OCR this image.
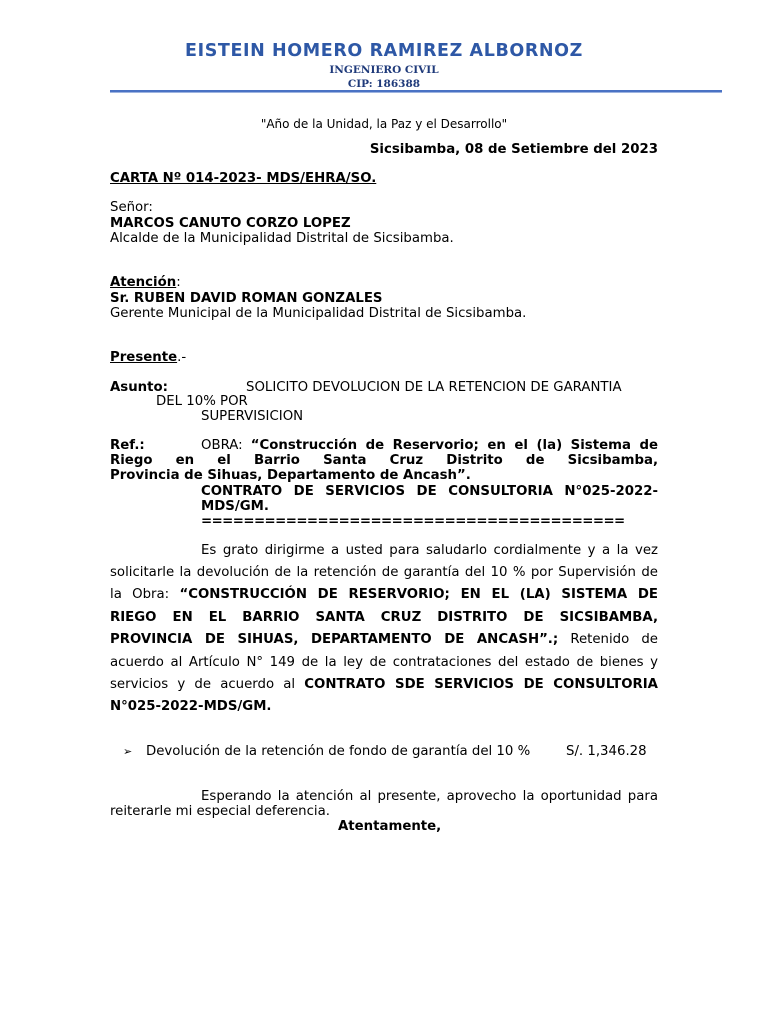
EISTEIN HOMERO RAMIREZ ALBORNOZ
INGENIERO CIVIL
CIP: 186388
"Año de la Unidad, la Paz y el Desarrollo"
Sicsibamba, 08 de Setiembre del 2023
CARTA Nº 014-2023- MDS/EHRA/SO.
Señor:
MARCOS CANUTO CORZO LOPEZ
Alcalde de la Municipalidad Distrital de Sicsibamba.
Atención:
Sr. RUBEN DAVID ROMAN GONZALES
Gerente Municipal de la Municipalidad Distrital de Sicsibamba.
Presente.-
Asunto:	SOLICITO DEVOLUCION DE LA RETENCION DE GARANTIA
DEL 10% POR
SUPERVISICION
Ref.:	OBRA: “Construcción de Reservorio; en el (la) Sistema de
Riego en el Barrio Santa Cruz Distrito de Sicsibamba,
Provincia de Sihuas, Departamento de Ancash”.
CONTRATO DE SERVICIOS DE CONSULTORIA N°025-2022-
MDS/GM.
========================================
Es grato dirigirme a usted para saludarlo cordialmente y a la vez
solicitarle la devolución de la retención de garantía del 10 % por Supervisión de
la Obra: “CONSTRUCCIÓN DE RESERVORIO; EN EL (LA) SISTEMA DE
RIEGO EN EL BARRIO SANTA CRUZ DISTRITO DE SICSIBAMBA,
PROVINCIA DE SIHUAS, DEPARTAMENTO DE ANCASH”.; Retenido de
acuerdo al Artículo N° 149 de la ley de contrataciones del estado de bienes y
servicios y de acuerdo al CONTRATO SDE SERVICIOS DE CONSULTORIA
N°025-2022-MDS/GM.
➢ Devolución de la retención de fondo de garantía del 10 %	S/. 1,346.28
Esperando la atención al presente, aprovecho la oportunidad para
reiterarle mi especial deferencia.
Atentamente,
